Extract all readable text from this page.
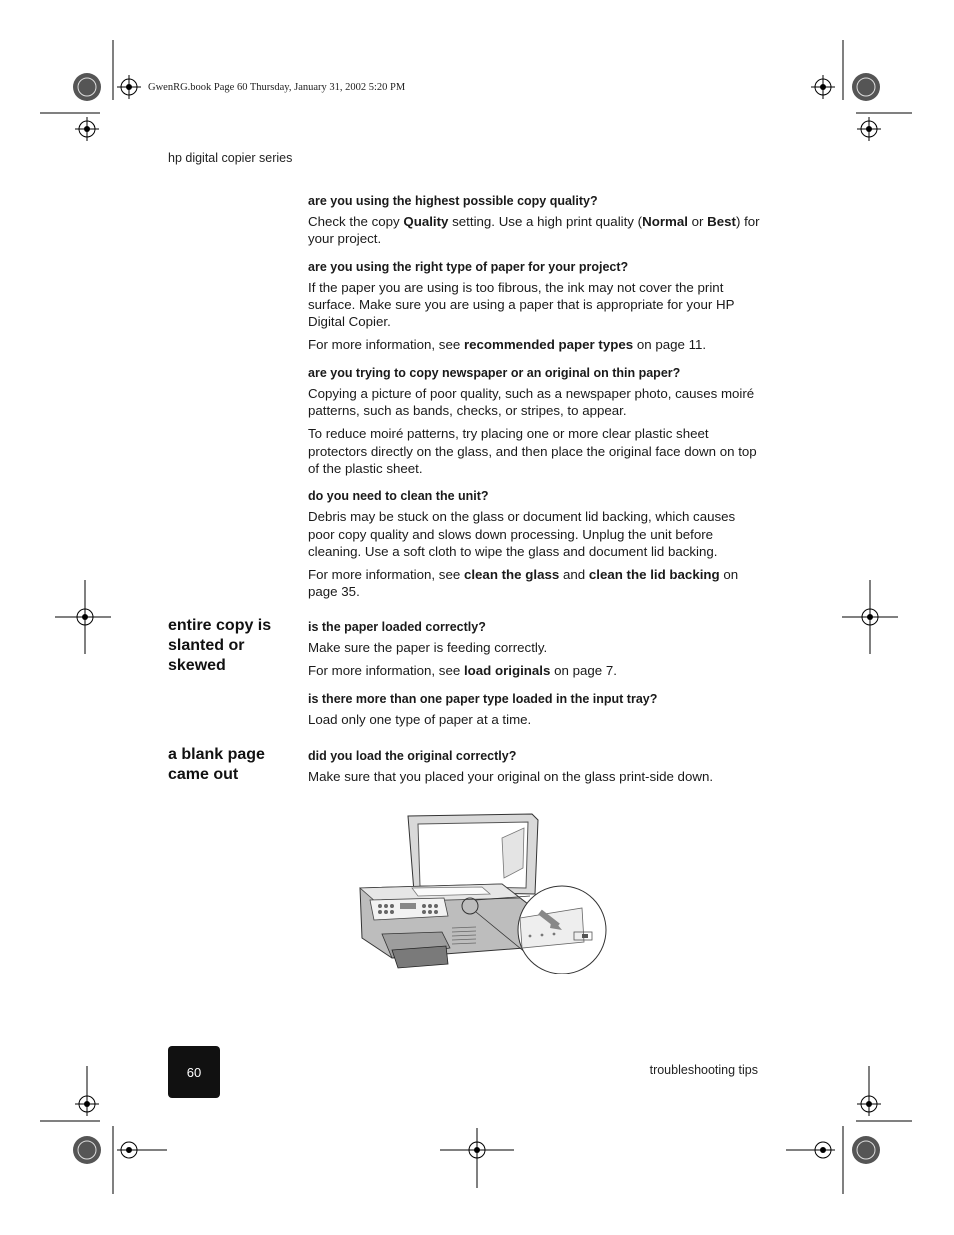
GwenRG.book Page 60 Thursday, January 31, 2002 5:20 PM
hp digital copier series

are you using the highest possible copy quality?

Check the copy Quality setting. Use a high print quality (Normal or Best) for your project.

are you using the right type of paper for your project?

If the paper you are using is too fibrous, the ink may not cover the print surface. Make sure you are using a paper that is appropriate for your HP Digital Copier.

For more information, see recommended paper types on page 11.

are you trying to copy newspaper or an original on thin paper?

Copying a picture of poor quality, such as a newspaper photo, causes moiré patterns, such as bands, checks, or stripes, to appear.

To reduce moiré patterns, try placing one or more clear plastic sheet protectors directly on the glass, and then place the original face down on top of the plastic sheet.

do you need to clean the unit?

Debris may be stuck on the glass or document lid backing, which causes poor copy quality and slows down processing. Unplug the unit before cleaning. Use a soft cloth to wipe the glass and document lid backing.

For more information, see clean the glass and clean the lid backing on page 35.

entire copy is slanted or skewed

is the paper loaded correctly?

Make sure the paper is feeding correctly.

For more information, see load originals on page 7.

is there more than one paper type loaded in the input tray?

Load only one type of paper at a time.

a blank page came out

did you load the original correctly?

Make sure that you placed your original on the glass print-side down.

60	troubleshooting tips
